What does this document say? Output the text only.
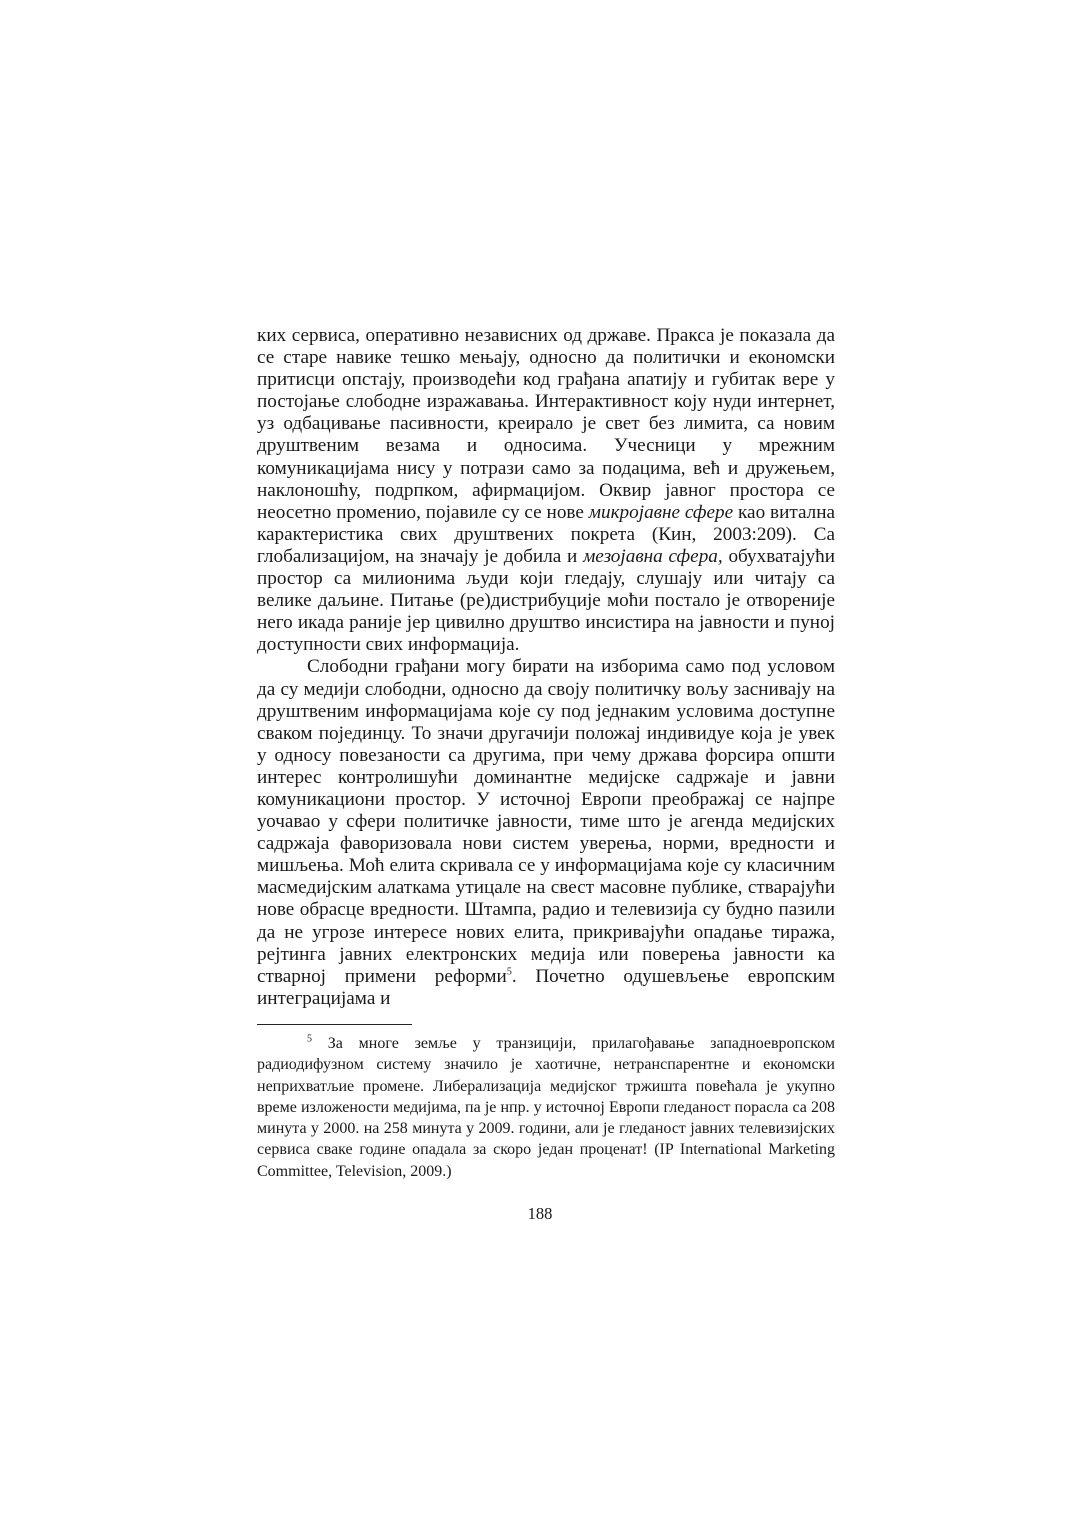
ких сервиса, оперативно независних од државе. Пракса је показала да се старе навике тешко мењају, односно да политички и економски притисци опстају, производећи код грађана апатију и губитак вере у постојање слободне изражавања. Интерактивност коју нуди интернет, уз одбацивање пасивности, креирало је свет без лимита, са новим друштвеним везама и односима. Учесници у мрежним комуникацијама нису у потрази само за подацима, већ и дружењем, наклоношћу, подрпком, афирмацијом. Оквир јавног простора се неосетно променио, појавиле су се нове микројавне сфере као витална карактеристика свих друштвених покрета (Кин, 2003:209). Са глобализацијом, на значају је добила и мезојавна сфера, обухватајући простор са милионима људи који гледају, слушају или читају са велике даљине. Питање (ре)дистрибуције моћи постало је отвореније него икада раније јер цивилно друштво инсистира на јавности и пуној доступности свих информација.

Слободни грађани могу бирати на изборима само под условом да су медији слободни, односно да своју политичку вољу заснивају на друштвеним информацијама које су под једнаким условима доступне сваком појединцу. То значи другачији положај индивидуе која је увек у односу повезаности са другима, при чему држава форсира општи интерес контролишући доминантне медијске садржаје и јавни комуникациони простор. У источној Европи преображај се најпре уочавао у сфери политичке јавности, тиме што је агенда медијских садржаја фаворизовала нови систем уверења, норми, вредности и мишљења. Моћ елита скривала се у информацијама које су класичним масмедијским алаткама утицале на свест масовне публике, стварајући нове обрасце вредности. Штампа, радио и телевизија су будно пазили да не угрозе интересе нових елита, прикривајући опадање тиража, рејтинга јавних електронских медија или поверења јавности ка стварној примени реформи$^5$. Почетно одушевљење европским интеграцијама и

$^5$ За многе земље у транзицији, прилагођавање западноевропском радиодифузном систему значило је хаотичне, нетранспарентне и економски неприхватљие промене. Либерализација медијског тржишта повећала је укупно време изложености медијима, па је нпр. у источној Европи гледаност порасла са 208 минута у 2000. на 258 минута у 2009. години, али је гледаност јавних телевизијских сервиса сваке године опадала за скоро један проценат! (IP International Marketing Committee, Television, 2009.)

188
